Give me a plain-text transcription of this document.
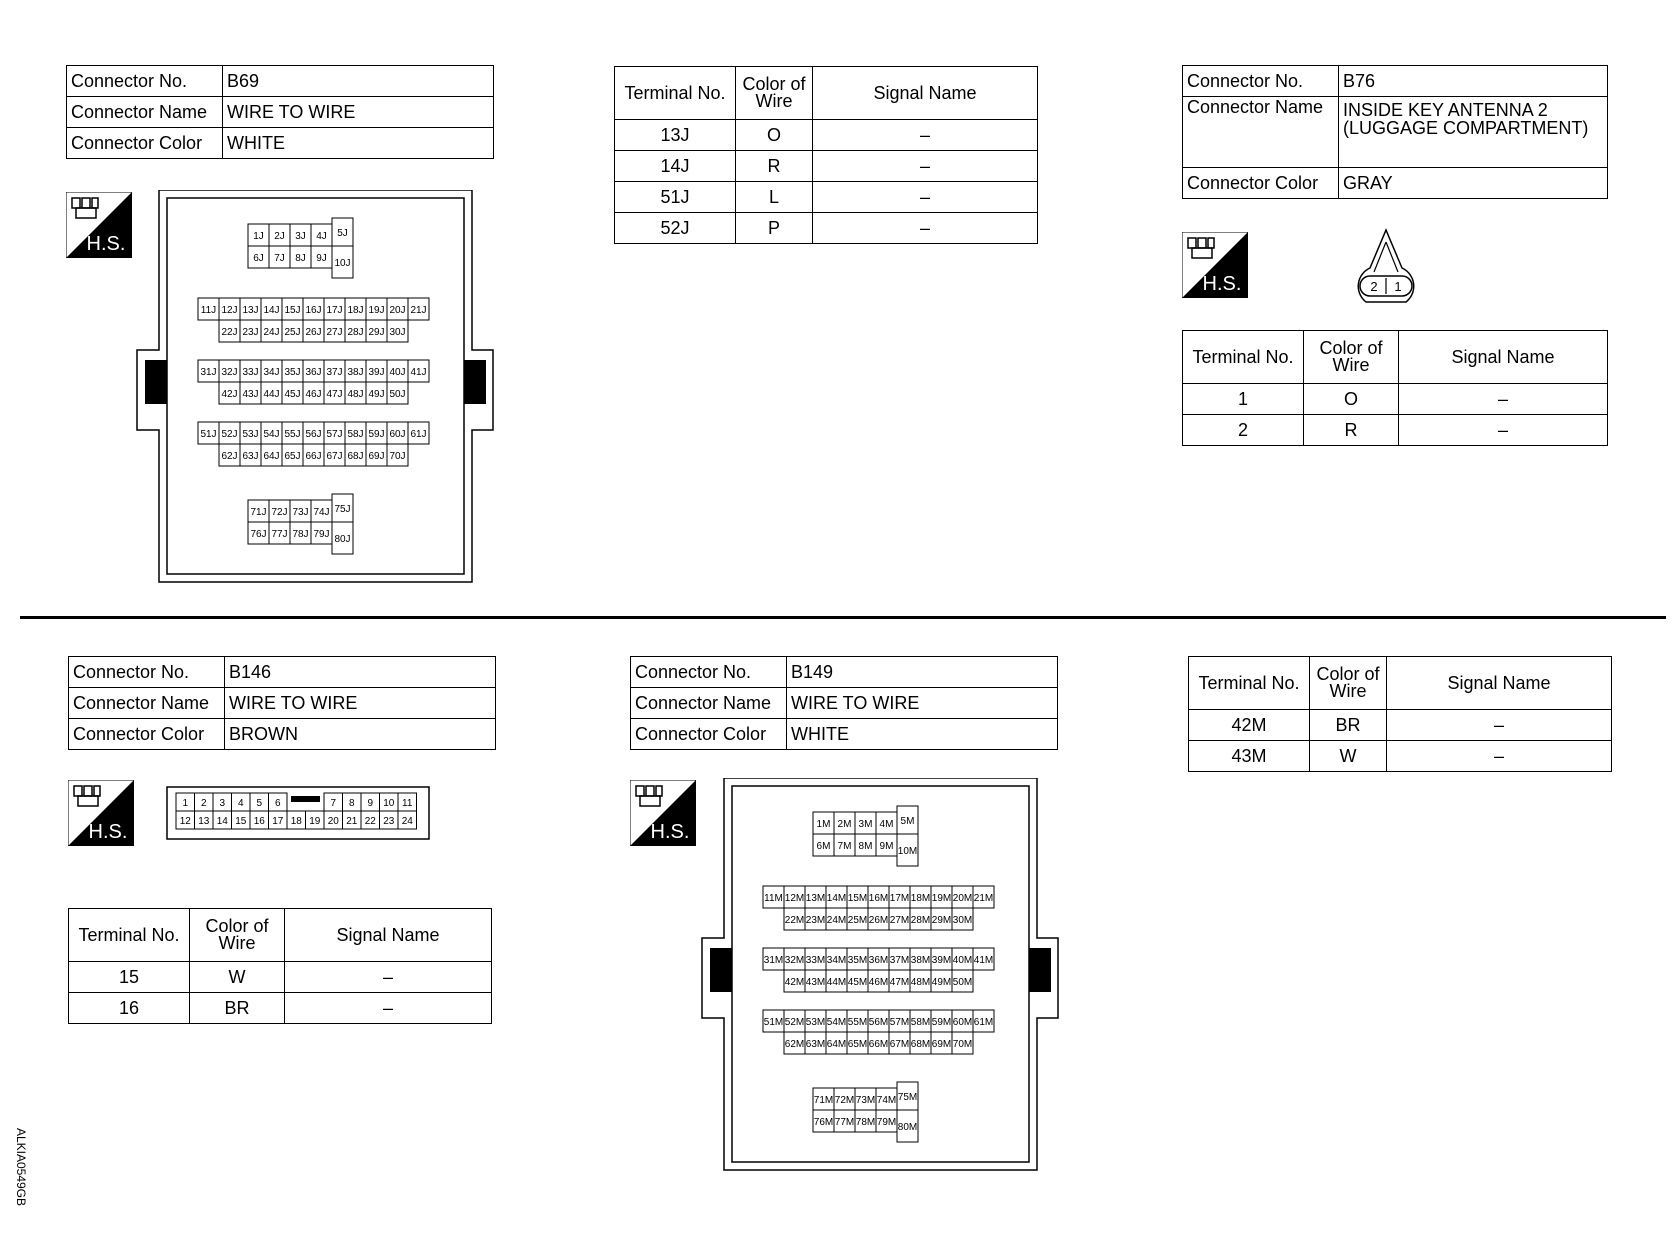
Connector No.	B69
Connector Name	WIRE TO WIRE
Connector Color	WHITE
H.S.	1J 2J 3J 4J
6J 7J 8J 9J
5J
10J
11J 12J 13J 14J 15J 16J 17J 18J 19J 20J 21J
22J 23J 24J 25J 26J 27J 28J 29J 30J
31J 32J 33J 34J 35J 36J 37J 38J 39J 40J 41J
42J 43J 44J 45J 46J 47J 48J 49J 50J
51J 52J 53J 54J 55J 56J 57J 58J 59J 60J 61J
62J 63J 64J 65J 66J 67J 68J 69J 70J
71J 72J 73J 74J
76J 77J 78J 79J
75J
80J
Terminal No.	Color of Wire	Signal Name
13J	O	–
14J	R	–
51J	L	–
52J	P	–
Connector No.	B76
Connector Name	INSIDE KEY ANTENNA 2 (LUGGAGE COMPARTMENT)
Connector Color	GRAY
H.S.	2 1
Terminal No.	Color of Wire	Signal Name
1	O	–
2	R	–
Connector No.	B146
Connector Name	WIRE TO WIRE
Connector Color	BROWN
H.S.
1 2 3 4 5 6	7 8 9 10 11
12 13 14 15 16 17 18 19 20 21 22 23 24
Terminal No.	Color of Wire	Signal Name
15	W	–
16	BR	–
Connector No.	B149
Connector Name	WIRE TO WIRE
Connector Color	WHITE
H.S.	1M 2M 3M 4M
6M 7M 8M 9M
5M
10M
11M 12M 13M 14M 15M 16M 17M 18M 19M 20M 21M
22M 23M 24M 25M 26M 27M 28M 29M 30M
31M 32M 33M 34M 35M 36M 37M 38M 39M 40M 41M
42M 43M 44M 45M 46M 47M 48M 49M 50M
51M 52M 53M 54M 55M 56M 57M 58M 59M 60M 61M
62M 63M 64M 65M 66M 67M 68M 69M 70M
71M 72M 73M 74M
76M 77M 78M 79M
75M
80M
Terminal No.	Color of Wire	Signal Name
42M	BR	–
43M	W	–
ALKIA0549GB
